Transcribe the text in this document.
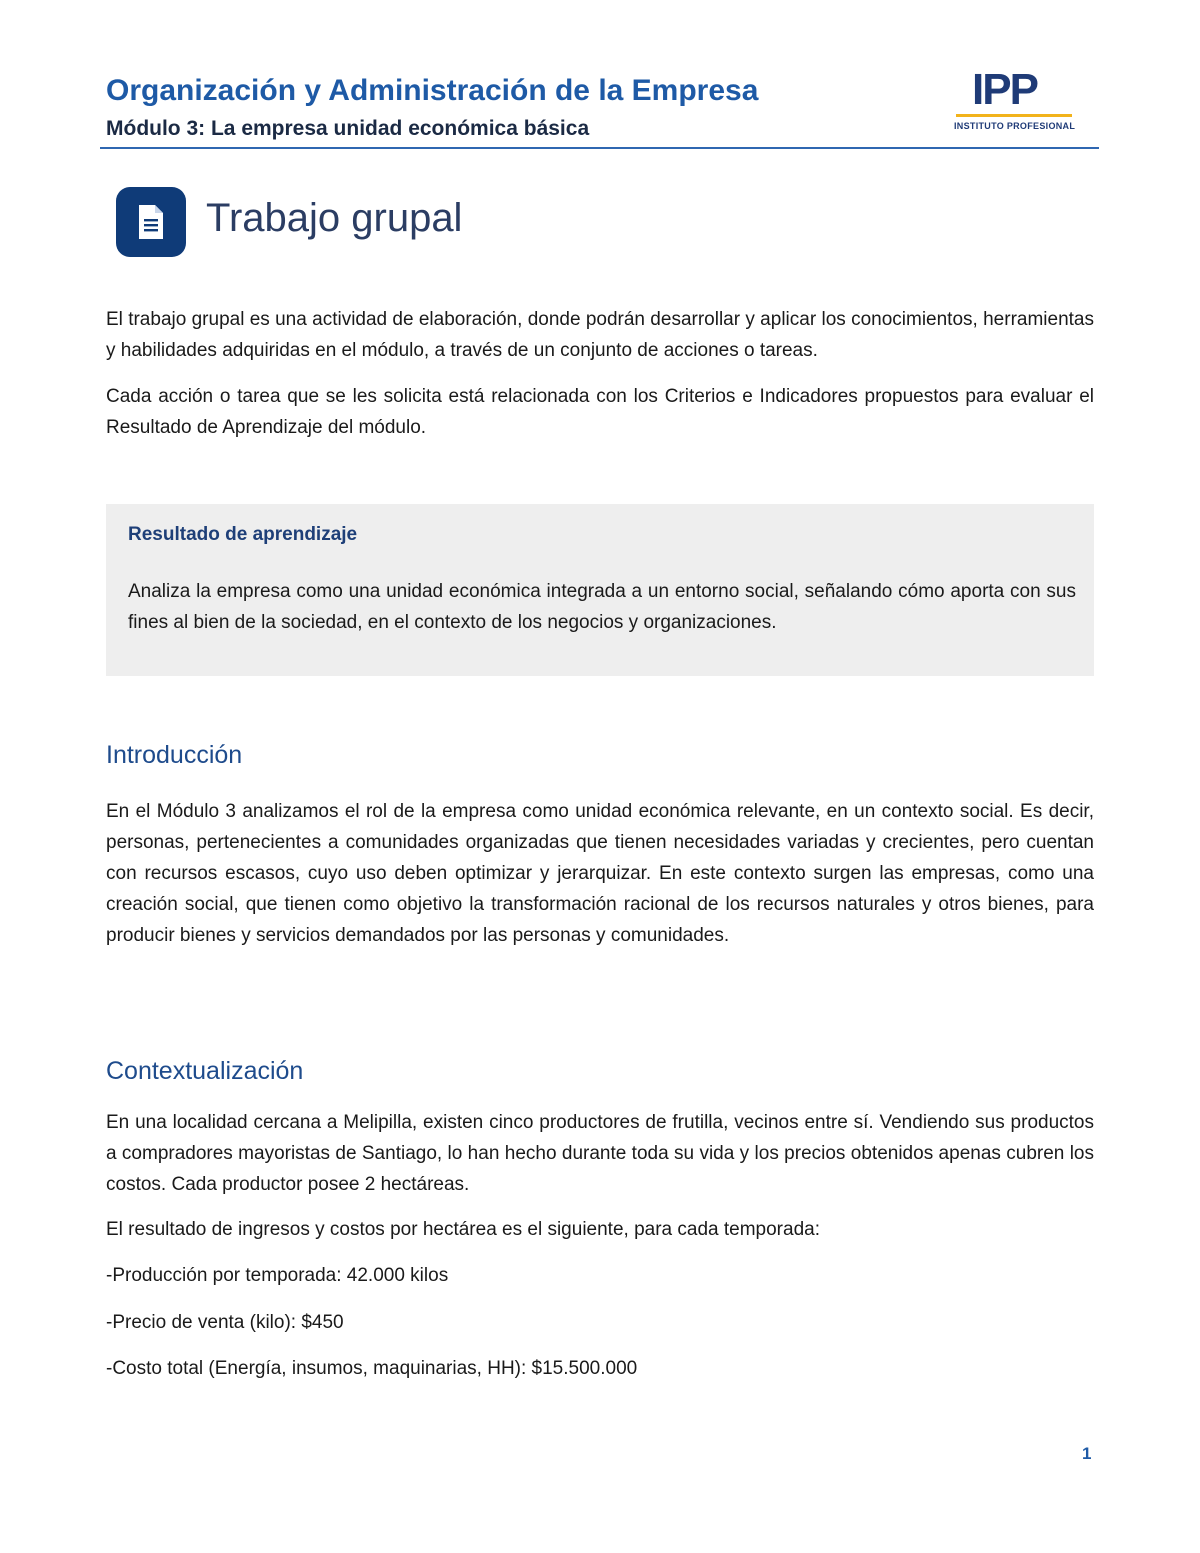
Organización y Administración de la Empresa
Módulo 3: La empresa unidad económica básica
IPP
INSTITUTO PROFESIONAL
Trabajo grupal
El trabajo grupal es una actividad de elaboración, donde podrán desarrollar y aplicar los conocimientos, herramientas y habilidades adquiridas en el módulo, a través de un conjunto de acciones o tareas.
Cada acción o tarea que se les solicita está relacionada con los Criterios e Indicadores propuestos para evaluar el Resultado de Aprendizaje del módulo.
Resultado de aprendizaje
Analiza la empresa como una unidad económica integrada a un entorno social, señalando cómo aporta con sus fines al bien de la sociedad, en el contexto de los negocios y organizaciones.
Introducción
En el Módulo 3 analizamos el rol de la empresa como unidad económica relevante, en un contexto social. Es decir, personas, pertenecientes a comunidades organizadas que tienen necesidades variadas y crecientes, pero cuentan con recursos escasos, cuyo uso deben optimizar y jerarquizar. En este contexto surgen las empresas, como una creación social, que tienen como objetivo la transformación racional de los recursos naturales y otros bienes, para producir bienes y servicios demandados por las personas y comunidades.
Contextualización
En una localidad cercana a Melipilla, existen cinco productores de frutilla, vecinos entre sí. Vendiendo sus productos a compradores mayoristas de Santiago, lo han hecho durante toda su vida y los precios obtenidos apenas cubren los costos. Cada productor posee 2 hectáreas.
El resultado de ingresos y costos por hectárea es el siguiente, para cada temporada:
-Producción por temporada: 42.000 kilos
-Precio de venta (kilo): $450
-Costo total (Energía, insumos, maquinarias, HH): $15.500.000
1
